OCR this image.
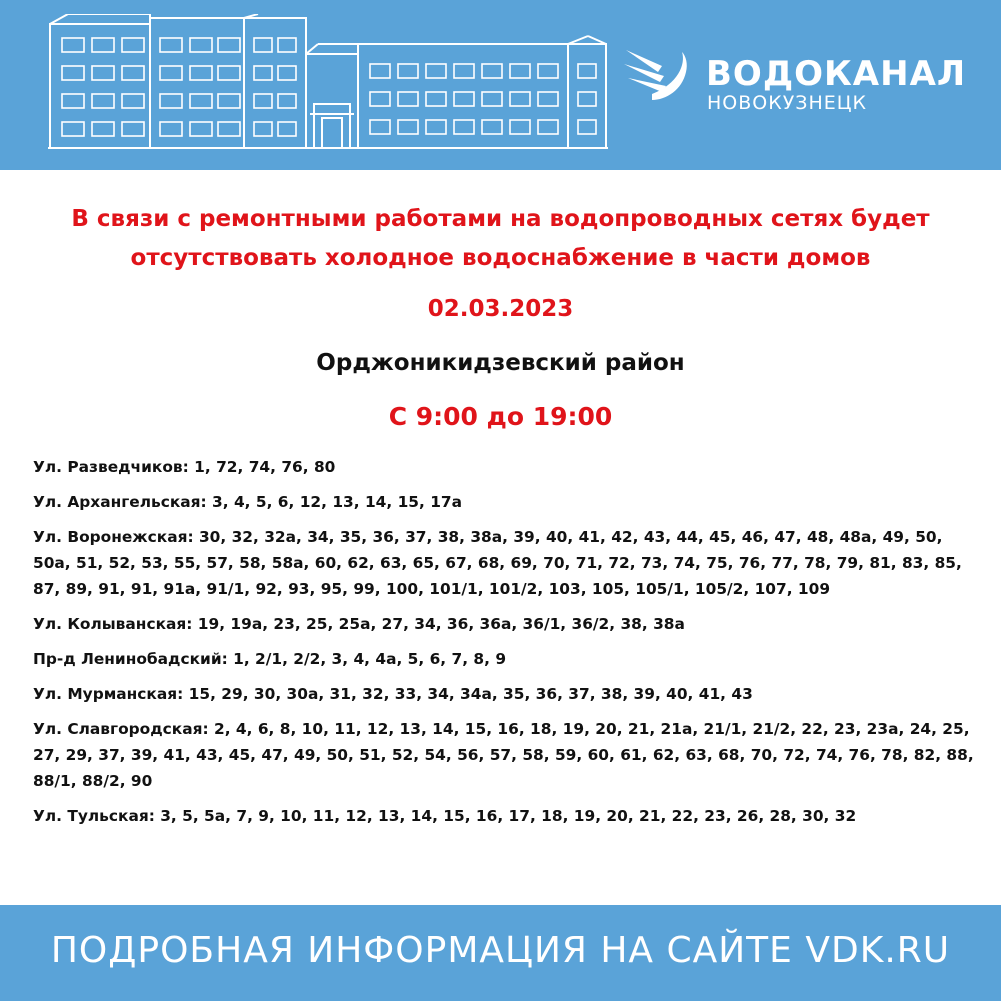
ВОДОКАНАЛ
НОВОКУЗНЕЦК
В связи с ремонтными работами на водопроводных сетях будет
отсутствовать холодное водоснабжение в части домов
02.03.2023
Орджоникидзевский район
С 9:00 до 19:00
Ул. Разведчиков: 1, 72, 74, 76, 80
Ул. Архангельская: 3, 4, 5, 6, 12, 13, 14, 15, 17а
Ул. Воронежская: 30, 32, 32а, 34, 35, 36, 37, 38, 38а, 39, 40, 41, 42, 43, 44, 45, 46, 47, 48, 48а, 49, 50, 50а, 51, 52, 53, 55, 57, 58, 58а, 60, 62, 63, 65, 67, 68, 69, 70, 71, 72, 73, 74, 75, 76, 77, 78, 79, 81, 83, 85, 87, 89, 91, 91, 91а, 91/1, 92, 93, 95, 99, 100, 101/1, 101/2, 103, 105, 105/1, 105/2, 107, 109
Ул. Колыванская: 19, 19а, 23, 25, 25а, 27, 34, 36, 36а, 36/1, 36/2, 38, 38а
Пр-д Ленинобадский: 1, 2/1, 2/2, 3, 4, 4а, 5, 6, 7, 8, 9
Ул. Мурманская: 15, 29, 30, 30а, 31, 32, 33, 34, 34а, 35, 36, 37, 38, 39, 40, 41, 43
Ул. Славгородская: 2, 4, 6, 8, 10, 11, 12, 13, 14, 15, 16, 18, 19, 20, 21, 21а, 21/1, 21/2, 22, 23, 23а, 24, 25, 27, 29, 37, 39, 41, 43, 45, 47, 49, 50, 51, 52, 54, 56, 57, 58, 59, 60, 61, 62, 63, 68, 70, 72, 74, 76, 78, 82, 88, 88/1, 88/2, 90
Ул. Тульская: 3, 5, 5а, 7, 9, 10, 11, 12, 13, 14, 15, 16, 17, 18, 19, 20, 21, 22, 23, 26, 28, 30, 32
ПОДРОБНАЯ ИНФОРМАЦИЯ НА САЙТЕ VDK.RU
